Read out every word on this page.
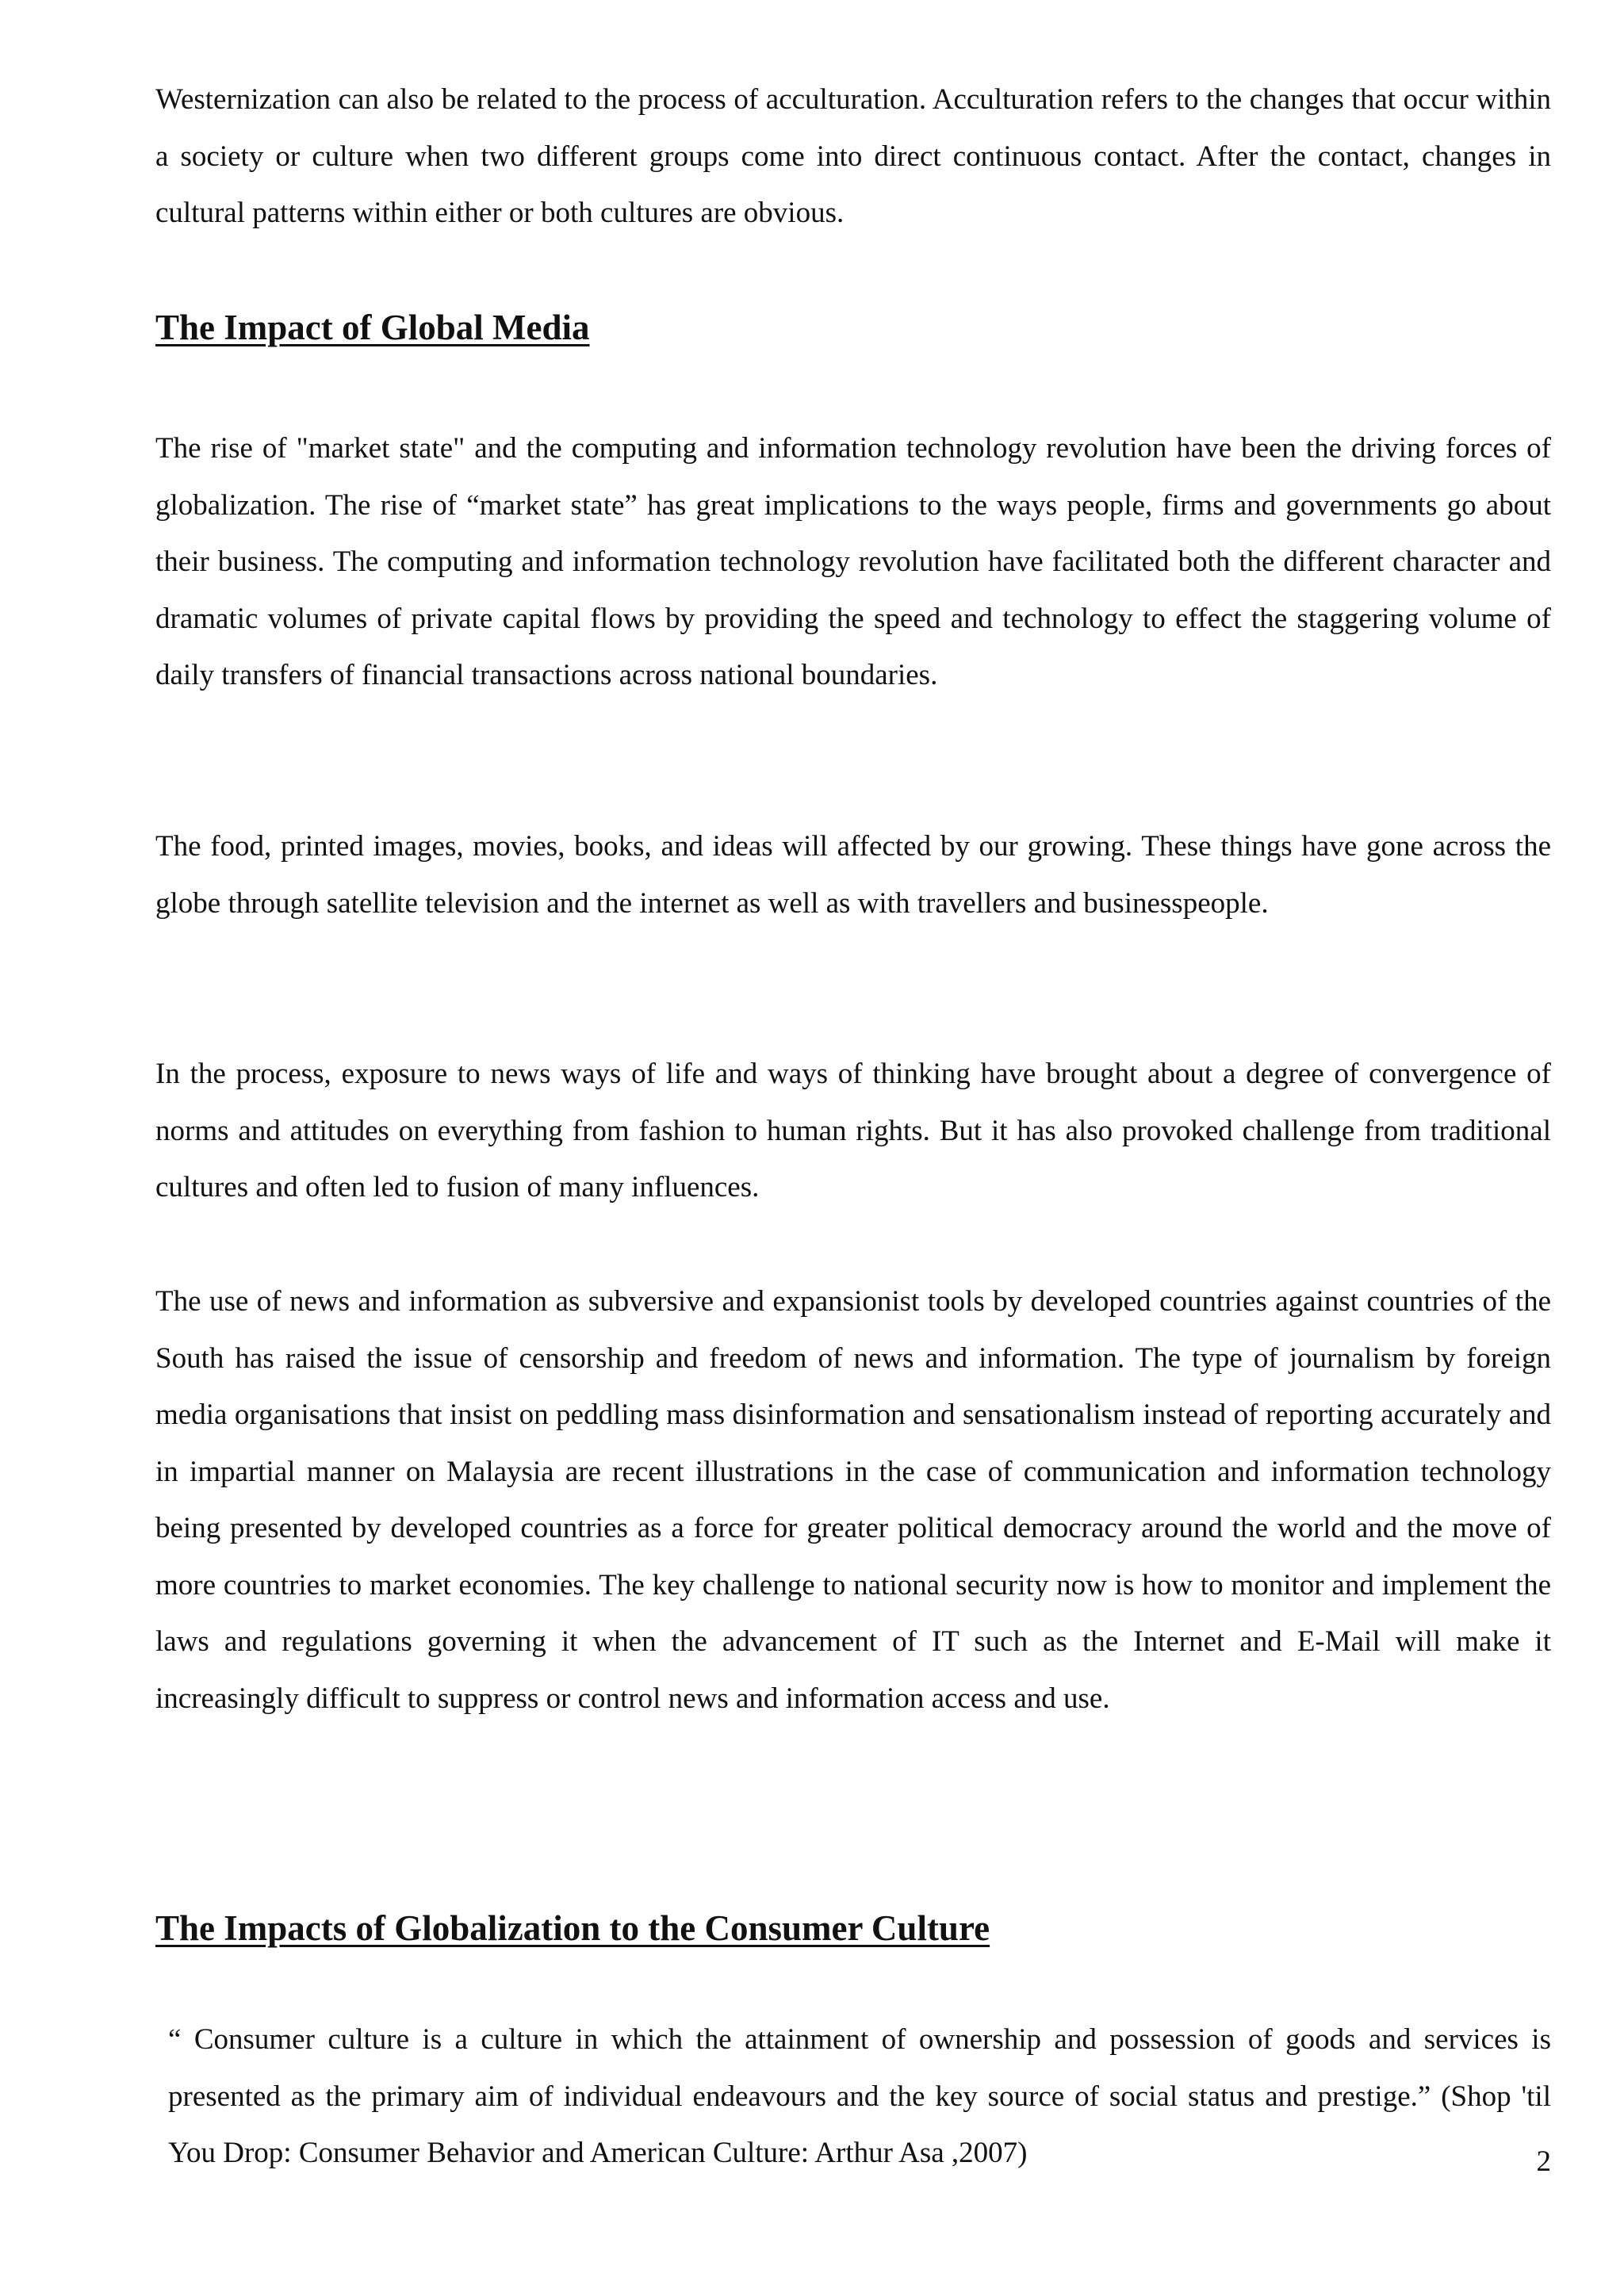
Westernization can also be related to the process of acculturation. Acculturation refers to the changes that occur within a society or culture when two different groups come into direct continuous contact. After the contact, changes in cultural patterns within either or both cultures are obvious.

The Impact of Global Media

The rise of "market state" and the computing and information technology revolution have been the driving forces of globalization. The rise of “market state” has great implications to the ways people, firms and governments go about their business. The computing and information technology revolution have facilitated both the different character and dramatic volumes of private capital flows by providing the speed and technology to effect the staggering volume of daily transfers of financial transactions across national boundaries.

The food, printed images, movies, books, and ideas will affected by our growing. These things have gone across the globe through satellite television and the internet as well as with travellers and businesspeople.

In the process, exposure to news ways of life and ways of thinking have brought about a degree of convergence of norms and attitudes on everything from fashion to human rights. But it has also provoked challenge from traditional cultures and often led to fusion of many influences.

The use of news and information as subversive and expansionist tools by developed countries against countries of the South has raised the issue of censorship and freedom of news and information. The type of journalism by foreign media organisations that insist on peddling mass disinformation and sensationalism instead of reporting accurately and in impartial manner on Malaysia are recent illustrations in the case of communication and information technology being presented by developed countries as a force for greater political democracy around the world and the move of more countries to market economies. The key challenge to national security now is how to monitor and implement the laws and regulations governing it when the advancement of IT such as the Internet and E-Mail will make it increasingly difficult to suppress or control news and information access and use.

The Impacts of Globalization to the Consumer Culture

“ Consumer culture is a culture in which the attainment of ownership and possession of goods and services is presented as the primary aim of individual endeavours and the key source of social status and prestige.” (Shop 'til You Drop: Consumer Behavior and American Culture: Arthur Asa ,2007)	2
